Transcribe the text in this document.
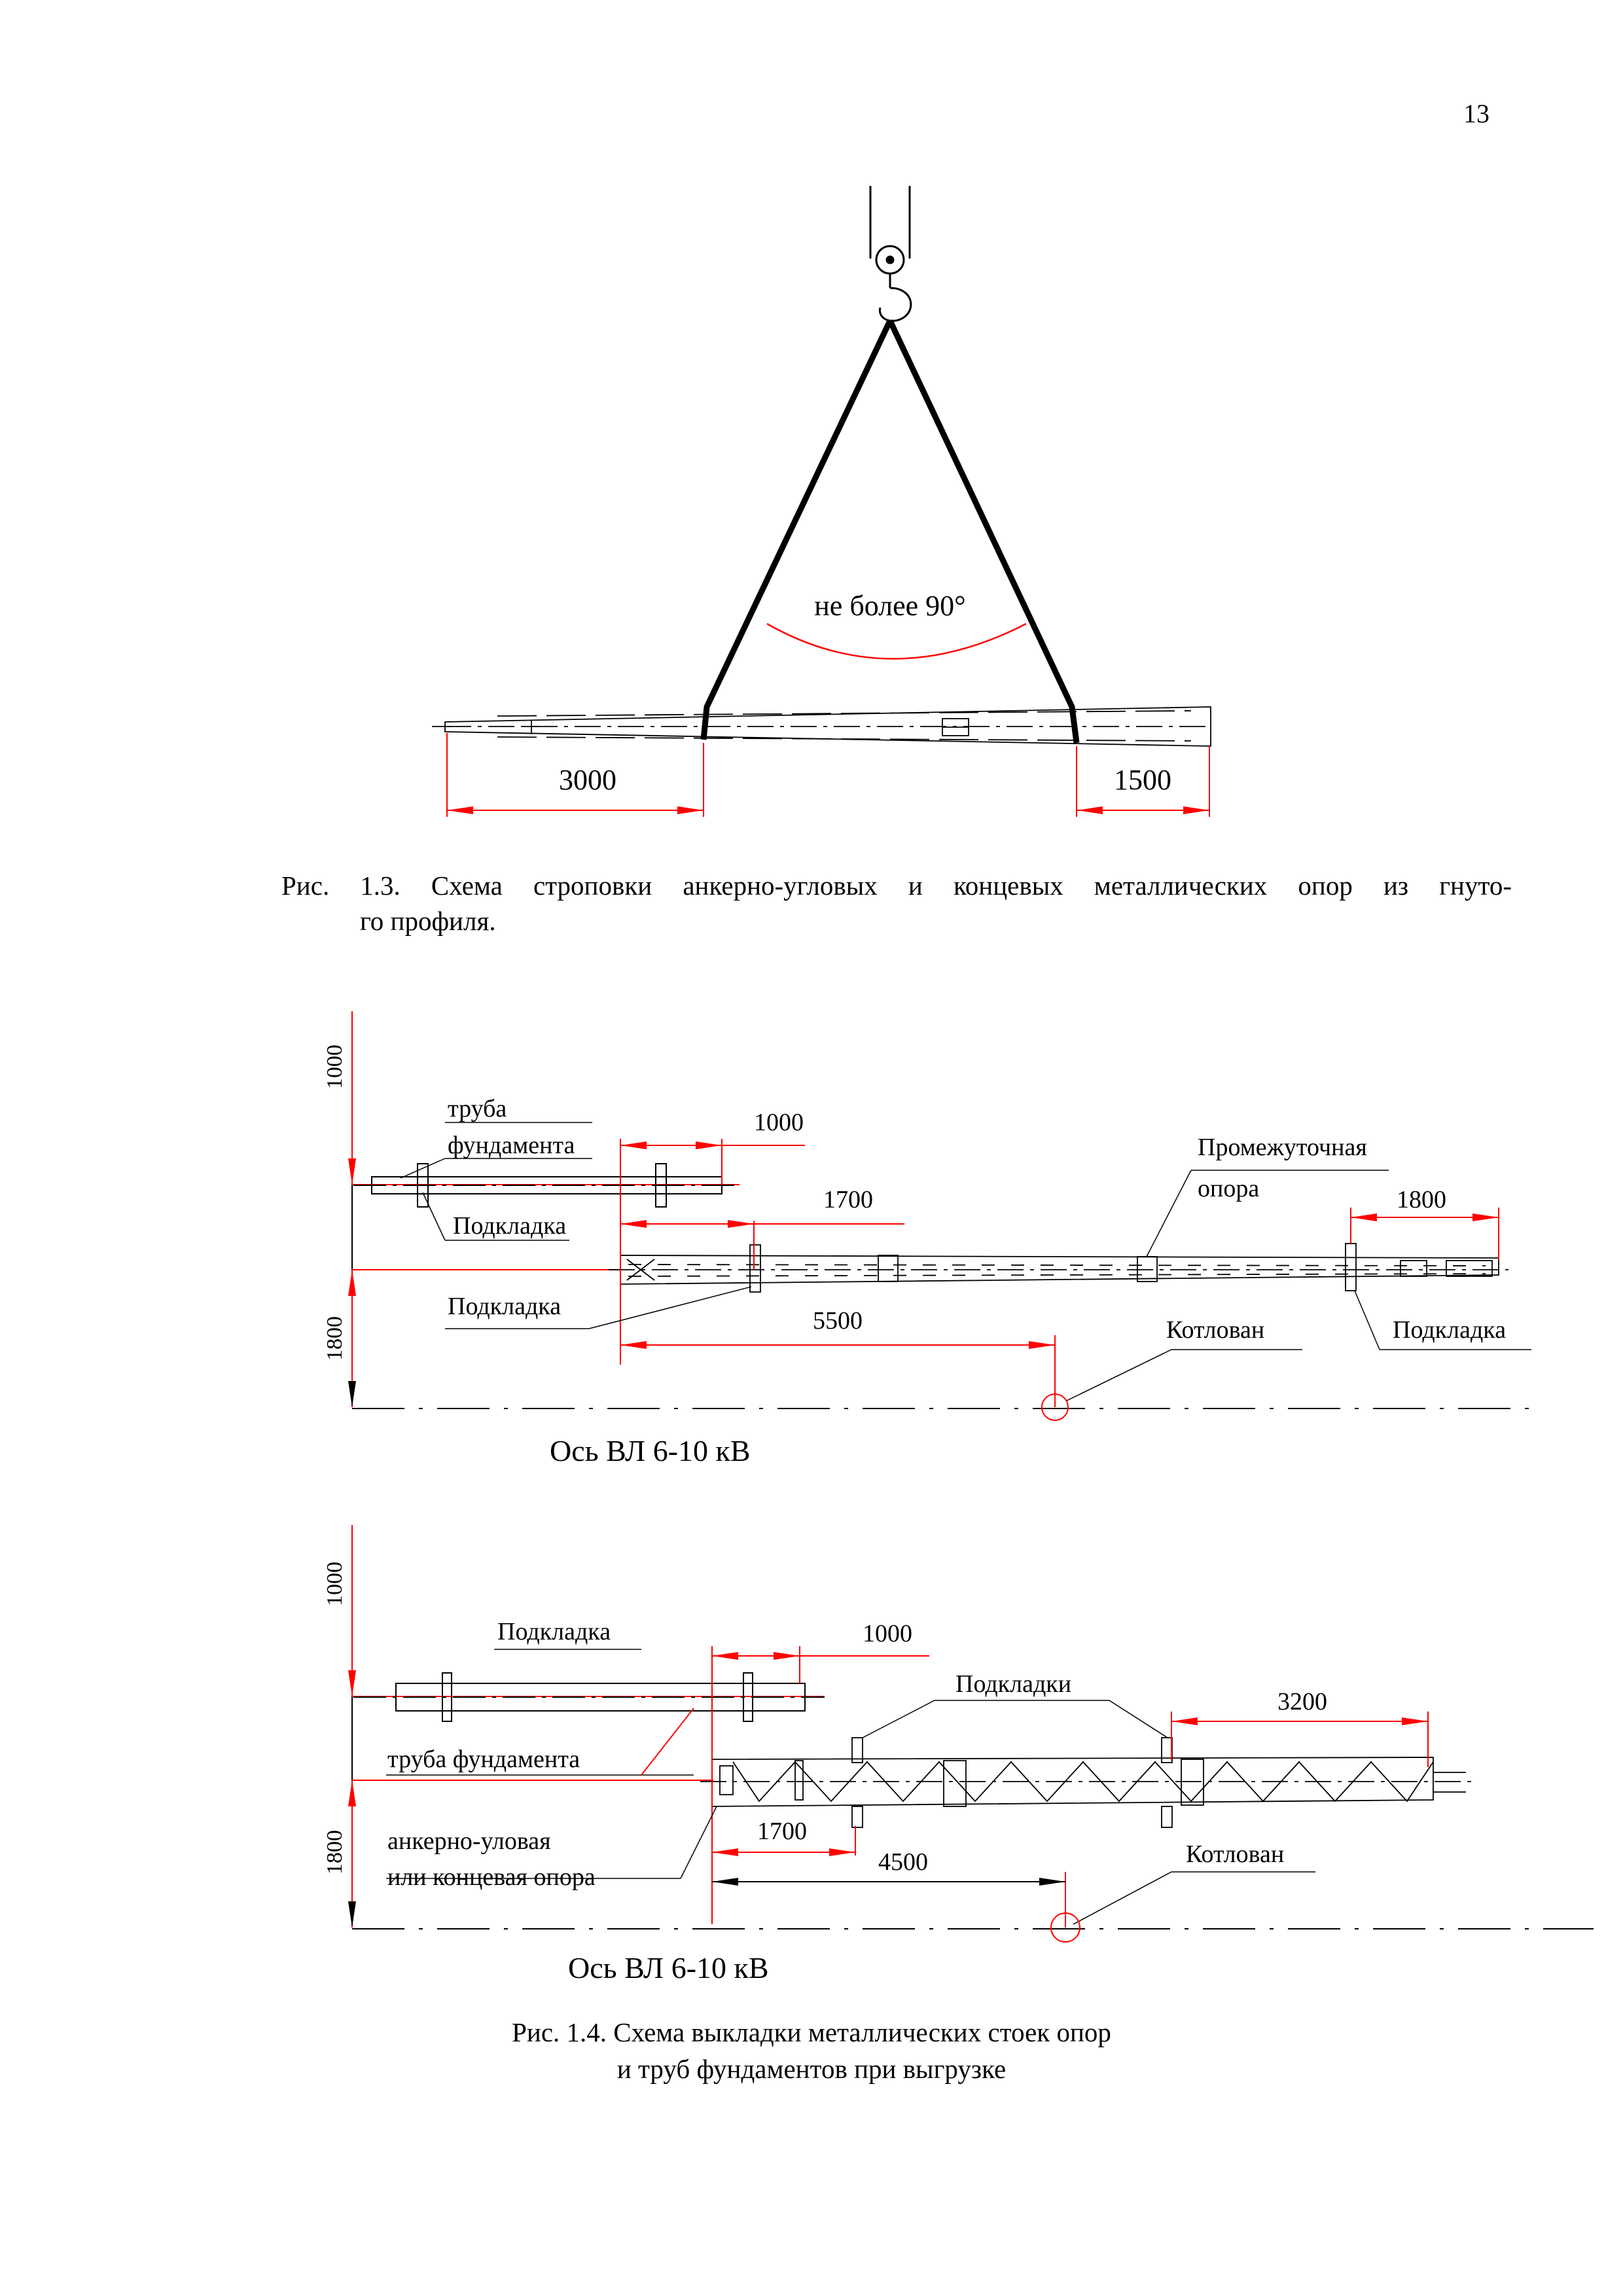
13
не более 90°
3000	1500
1000
1800
1000
1700	1800
5500
труба
фундамента
Подкладка
Подкладка
Промежуточная
опора
Котлован	Подкладка
Ось ВЛ 6-10 кВ
1000
1800
1000
3200
1700
4500
Подкладка
Подкладки
труба фундамента
анкерно-уловая
или концевая опора
Котлован
Ось ВЛ 6-10 кВ
Рис. 1.3. Схема строповки анкерно-угловых и концевых металлических опор из гнуто-
го профиля.
Рис. 1.4. Схема выкладки металлических стоек опор
и труб фундаментов при выгрузке
